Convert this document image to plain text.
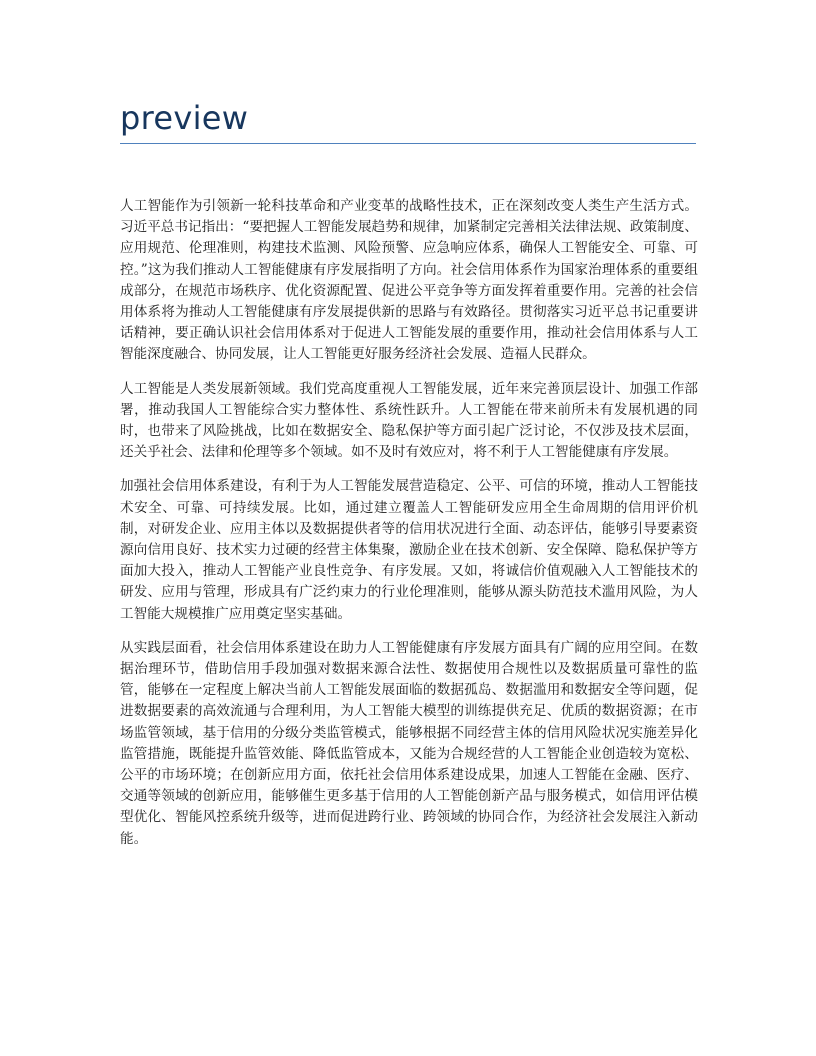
preview

人工智能作为引领新一轮科技革命和产业变革的战略性技术，正在深刻改变人类生产生活方式。习近平总书记指出：“要把握人工智能发展趋势和规律，加紧制定完善相关法律法规、政策制度、应用规范、伦理准则，构建技术监测、风险预警、应急响应体系，确保人工智能安全、可靠、可控。”这为我们推动人工智能健康有序发展指明了方向。社会信用体系作为国家治理体系的重要组成部分，在规范市场秩序、优化资源配置、促进公平竞争等方面发挥着重要作用。完善的社会信用体系将为推动人工智能健康有序发展提供新的思路与有效路径。贯彻落实习近平总书记重要讲话精神，要正确认识社会信用体系对于促进人工智能发展的重要作用，推动社会信用体系与人工智能深度融合、协同发展，让人工智能更好服务经济社会发展、造福人民群众。

人工智能是人类发展新领域。我们党高度重视人工智能发展，近年来完善顶层设计、加强工作部署，推动我国人工智能综合实力整体性、系统性跃升。人工智能在带来前所未有发展机遇的同时，也带来了风险挑战，比如在数据安全、隐私保护等方面引起广泛讨论，不仅涉及技术层面，还关乎社会、法律和伦理等多个领域。如不及时有效应对，将不利于人工智能健康有序发展。

加强社会信用体系建设，有利于为人工智能发展营造稳定、公平、可信的环境，推动人工智能技术安全、可靠、可持续发展。比如，通过建立覆盖人工智能研发应用全生命周期的信用评价机制，对研发企业、应用主体以及数据提供者等的信用状况进行全面、动态评估，能够引导要素资源向信用良好、技术实力过硬的经营主体集聚，激励企业在技术创新、安全保障、隐私保护等方面加大投入，推动人工智能产业良性竞争、有序发展。又如，将诚信价值观融入人工智能技术的研发、应用与管理，形成具有广泛约束力的行业伦理准则，能够从源头防范技术滥用风险，为人工智能大规模推广应用奠定坚实基础。

从实践层面看，社会信用体系建设在助力人工智能健康有序发展方面具有广阔的应用空间。在数据治理环节，借助信用手段加强对数据来源合法性、数据使用合规性以及数据质量可靠性的监管，能够在一定程度上解决当前人工智能发展面临的数据孤岛、数据滥用和数据安全等问题，促进数据要素的高效流通与合理利用，为人工智能大模型的训练提供充足、优质的数据资源；在市场监管领域，基于信用的分级分类监管模式，能够根据不同经营主体的信用风险状况实施差异化监管措施，既能提升监管效能、降低监管成本，又能为合规经营的人工智能企业创造较为宽松、公平的市场环境；在创新应用方面，依托社会信用体系建设成果，加速人工智能在金融、医疗、交通等领域的创新应用，能够催生更多基于信用的人工智能创新产品与服务模式，如信用评估模型优化、智能风控系统升级等，进而促进跨行业、跨领域的协同合作，为经济社会发展注入新动能。
